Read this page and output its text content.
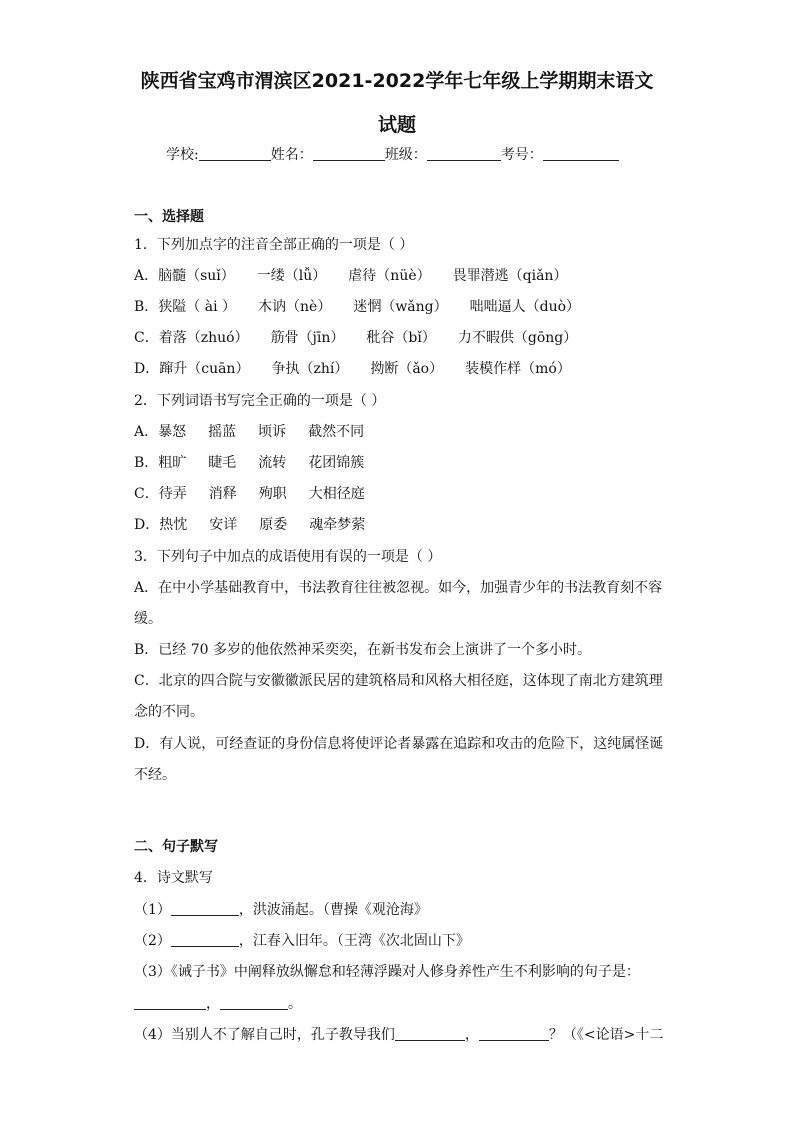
陕西省宝鸡市渭滨区2021-2022学年七年级上学期期末语文
试题
学校:	姓名：	班级：	考号：
一、选择题
1．下列加点字的注音全部正确的一项是（ ）
A．脑髓（suǐ） 一缕（lǚ） 虐待（nüè） 畏罪潜逃（qiǎn）
B．狭隘（ ài ） 木讷（nè） 迷惘（wǎng） 咄咄逼人（duò）
C．着落（zhuó） 筋骨（jīn） 秕谷（bǐ） 力不暇供（gōng）
D．蹿升（cuān） 争执（zhí） 拗断（ǎo） 装模作样（mó）
2．下列词语书写完全正确的一项是（ ）
A．暴怒 摇蓝 顷诉 截然不同
B．粗旷 睫毛 流转 花团锦簇
C．待弄 消释 殉职 大相径庭
D．热忱 安详 原委 魂牵梦萦
3．下列句子中加点的成语使用有误的一项是（ ）
A．在中小学基础教育中，书法教育往往被忽视。如今，加强青少年的书法教育刻不容
缓。
B．已经 70 多岁的他依然神采奕奕，在新书发布会上演讲了一个多小时。
C．北京的四合院与安徽徽派民居的建筑格局和风格大相径庭，这体现了南北方建筑理
念的不同。
D．有人说，可经查证的身份信息将使评论者暴露在追踪和攻击的危险下，这纯属怪诞
不经。
二、句子默写
4．诗文默写
（1）	，洪波涌起。（曹操《观沧海》
（2）	，江春入旧年。（王湾《次北固山下》
（3）《诫子书》中阐释放纵懈怠和轻薄浮躁对人修身养性产生不利影响的句子是：
，	。
（4）当别人不了解自己时，孔子教导我们	，	？（《<论语>十二
